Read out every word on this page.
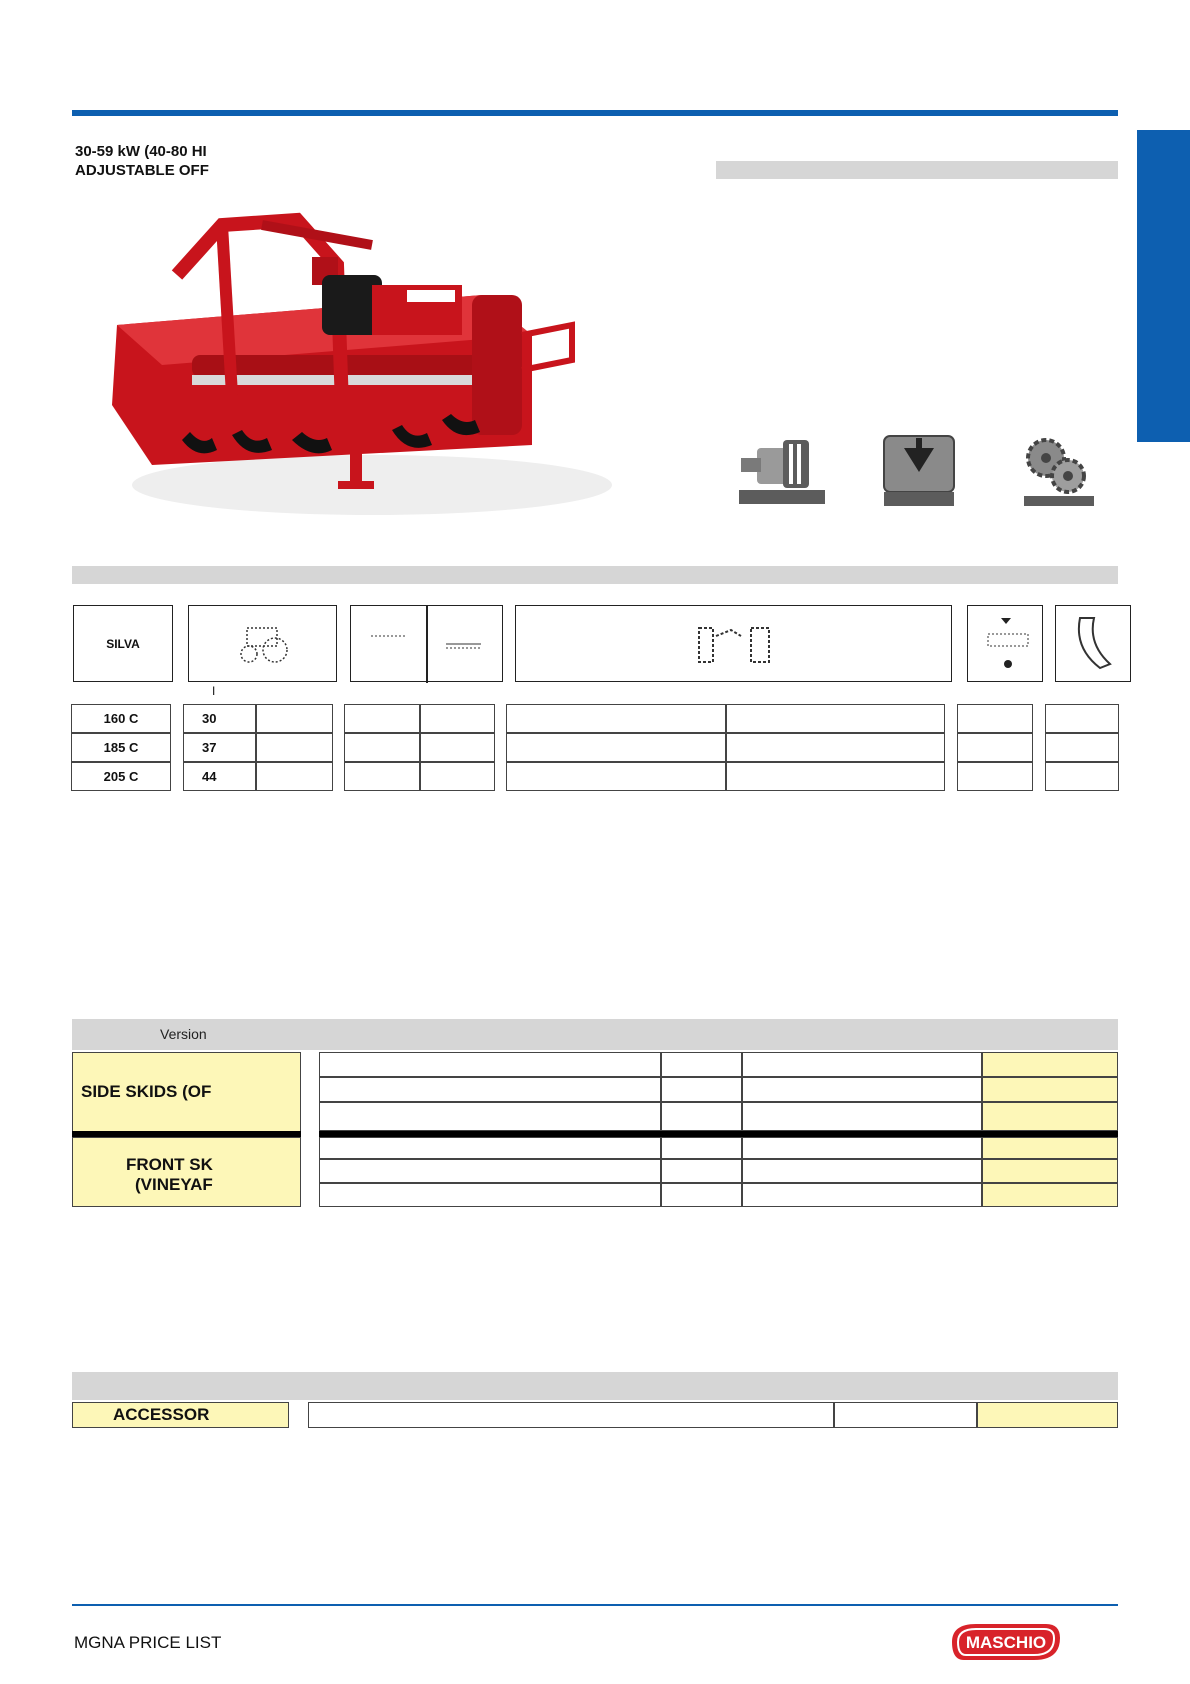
30-59 kW (40-80 HI
ADJUSTABLE OFF
SILVA
I
160 C	30
185 C	37
205 C	44
Version
SIDE SKIDS (OF
FRONT SK
(VINEYAF
ACCESSOR
MGNA PRICE LIST	MASCHIO
